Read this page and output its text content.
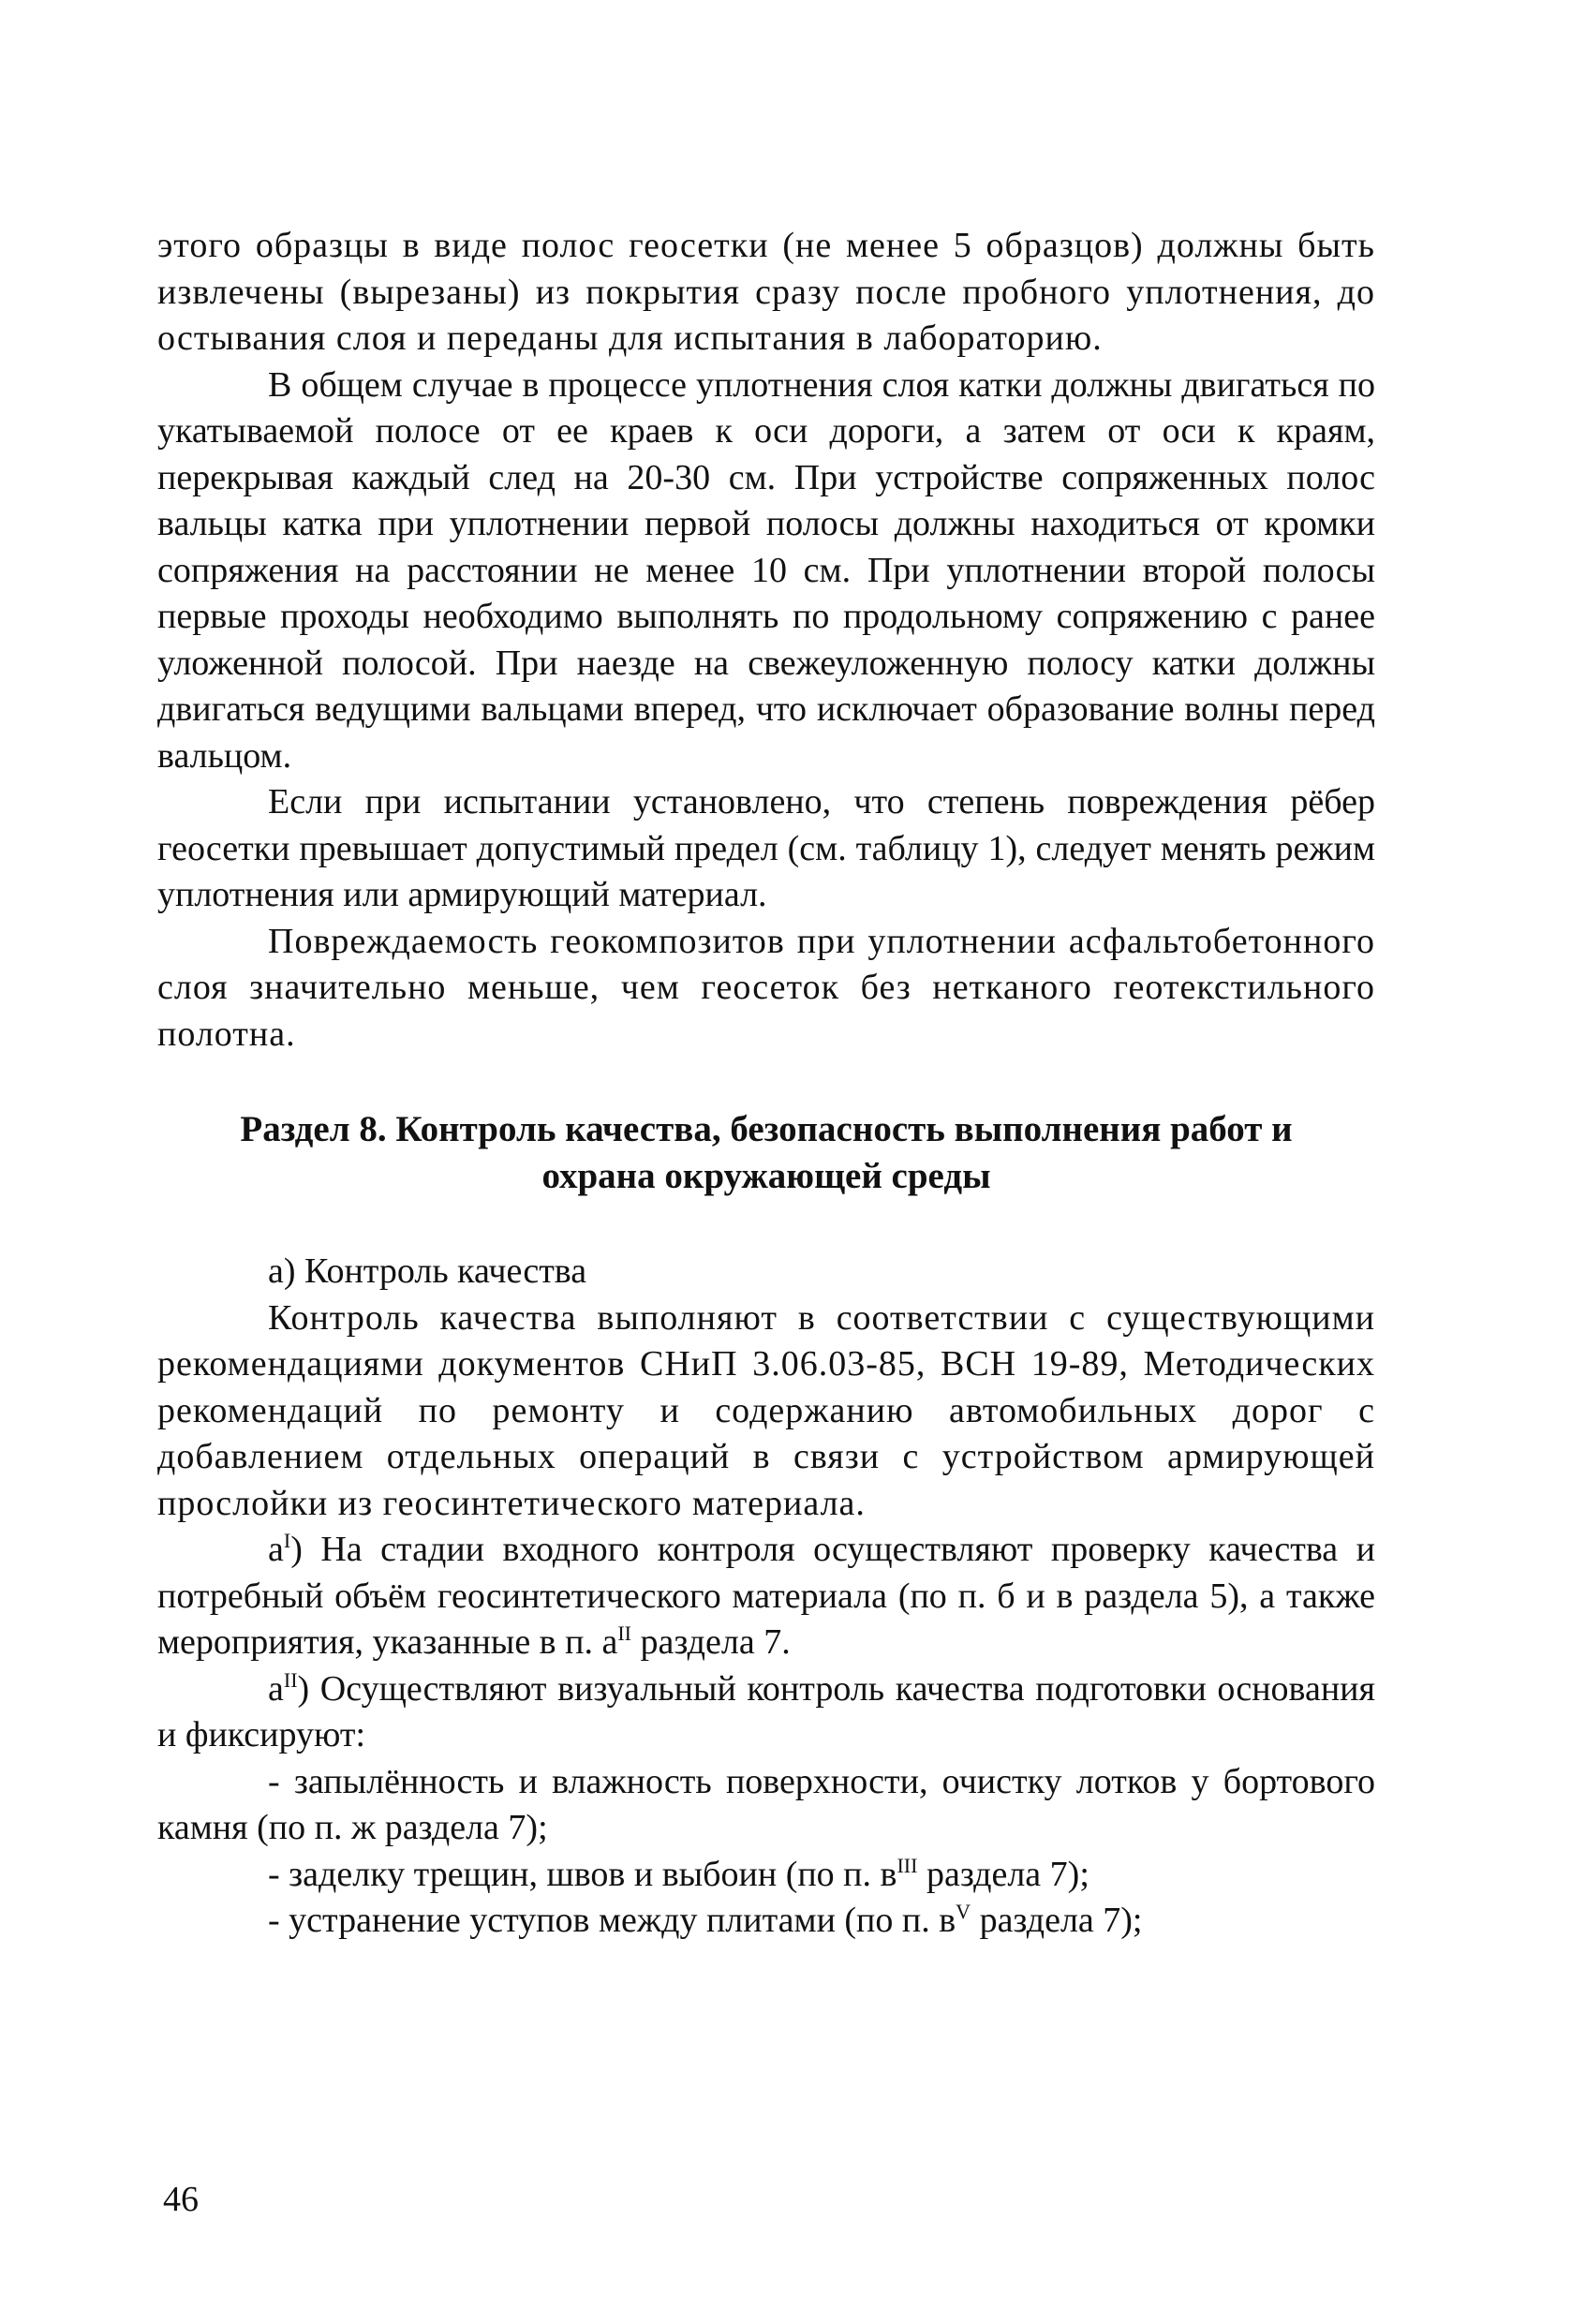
этого образцы в виде полос геосетки (не менее 5 образцов) должны быть извлечены (вырезаны) из покрытия сразу после пробного уплотнения, до остывания слоя и переданы для испытания в лабораторию.

В общем случае в процессе уплотнения слоя катки должны двигаться по укатываемой полосе от ее краев к оси дороги, а затем от оси к краям, перекрывая каждый след на 20-30 см. При устройстве сопряженных полос вальцы катка при уплотнении первой полосы должны находиться от кромки сопряжения на расстоянии не менее 10 см. При уплотнении второй полосы первые проходы необходимо выполнять по продольному сопряжению с ранее уложенной полосой. При наезде на свежеуложенную полосу катки должны двигаться ведущими вальцами вперед, что исключает образование волны перед вальцом.

Если при испытании установлено, что степень повреждения рёбер геосетки превышает допустимый предел (см. таблицу 1), следует менять режим уплотнения или армирующий материал.

Повреждаемость геокомпозитов при уплотнении асфальтобетонного слоя значительно меньше, чем геосеток без нетканого геотекстильного полотна.

Раздел 8. Контроль качества, безопасность выполнения работ и
охрана окружающей среды

а) Контроль качества

Контроль качества выполняют в соответствии с существующими рекомендациями документов СНиП 3.06.03-85, ВСН 19-89, Методических рекомендаций по ремонту и содержанию автомобильных дорог с добавлением отдельных операций в связи с устройством армирующей прослойки из геосинтетического материала.

$а^I$) На стадии входного контроля осуществляют проверку качества и потребный объём геосинтетического материала (по п. б и в раздела 5), а также мероприятия, указанные в п. $а^{II}$ раздела 7.

$а^{II}$) Осуществляют визуальный контроль качества подготовки основания и фиксируют:

- запылённость и влажность поверхности, очистку лотков у бортового камня (по п. ж раздела 7);

- заделку трещин, швов и выбоин (по п. $в^{III}$ раздела 7);

- устранение уступов между плитами (по п. $в^V$ раздела 7);

46
